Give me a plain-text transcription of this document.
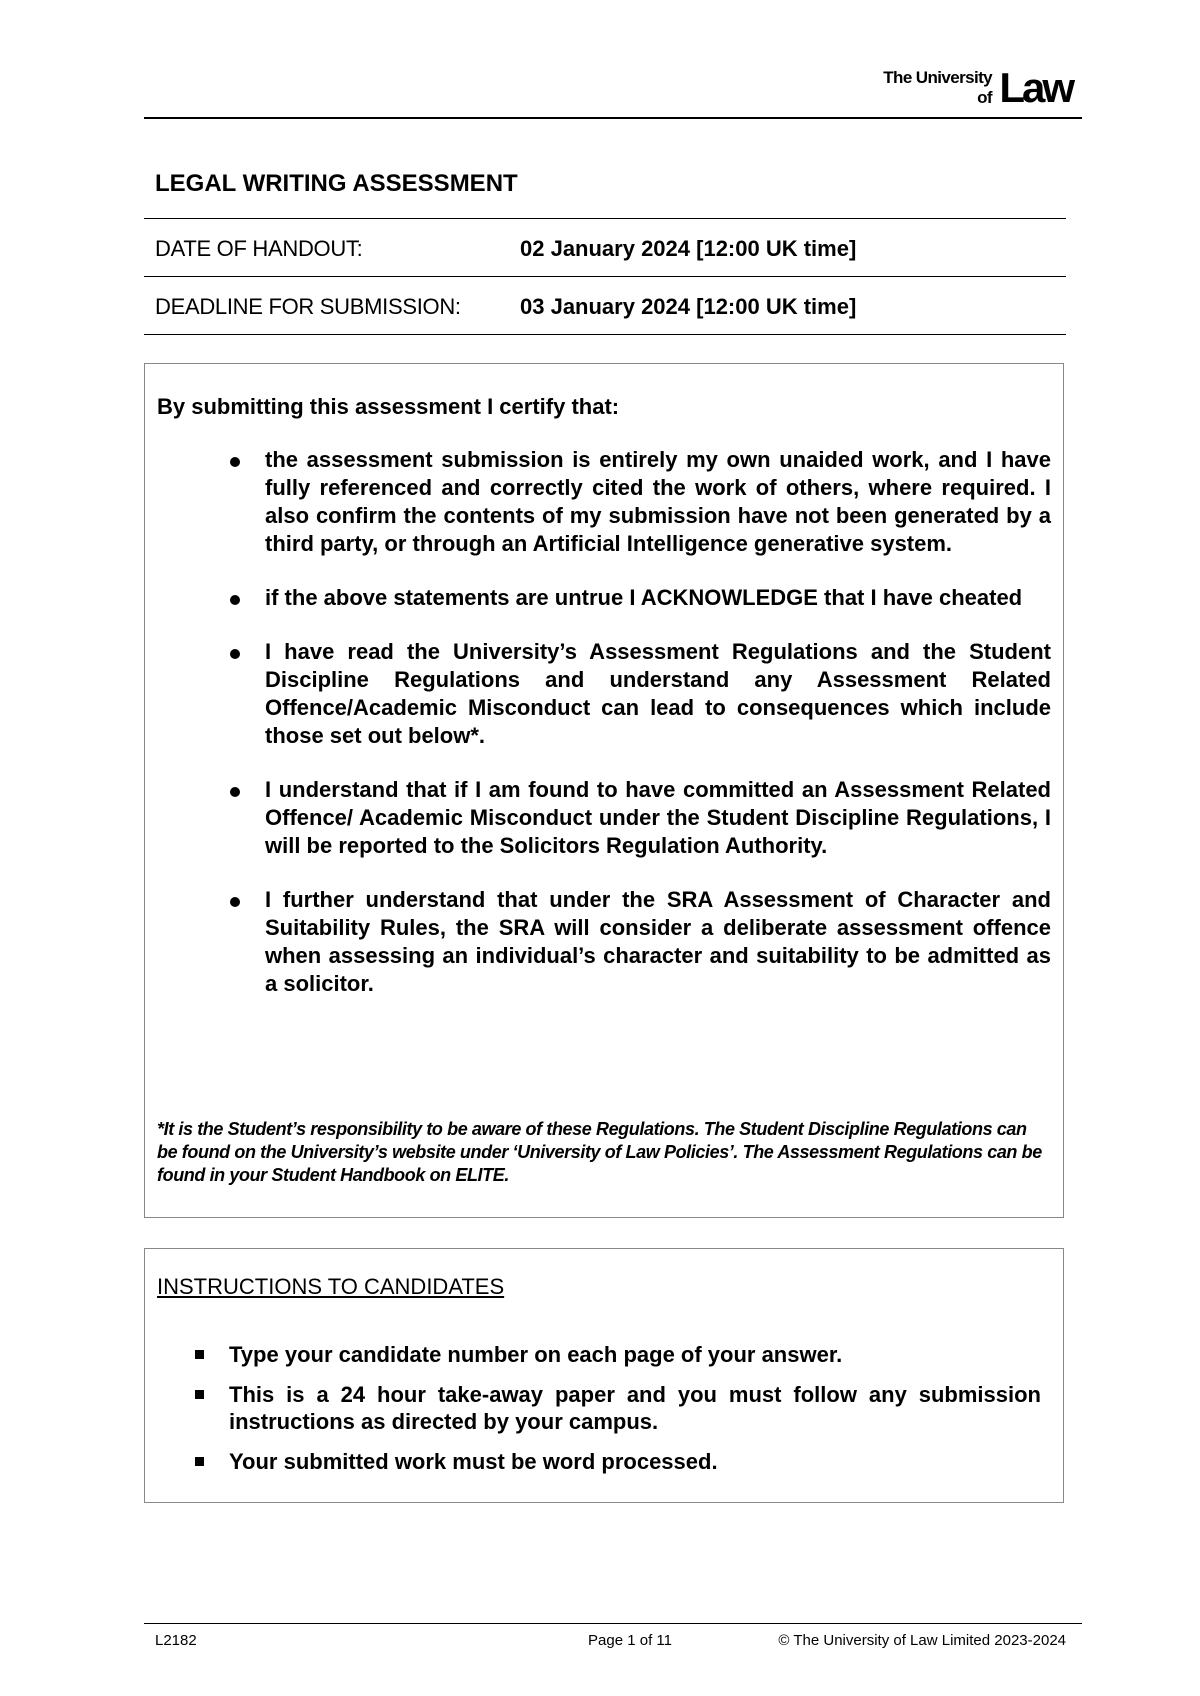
The University
of Law
LEGAL WRITING ASSESSMENT
DATE OF HANDOUT:	02 January 2024 [12:00 UK time]
DEADLINE FOR SUBMISSION:	03 January 2024 [12:00 UK time]
By submitting this assessment I certify that:
the assessment submission is entirely my own unaided work, and I have fully referenced and correctly cited the work of others, where required. I also confirm the contents of my submission have not been generated by a third party, or through an Artificial Intelligence generative system.
if the above statements are untrue I ACKNOWLEDGE that I have cheated
I have read the University’s Assessment Regulations and the Student Discipline Regulations and understand any Assessment Related Offence/Academic Misconduct can lead to consequences which include those set out below*.
I understand that if I am found to have committed an Assessment Related Offence/ Academic Misconduct under the Student Discipline Regulations, I will be reported to the Solicitors Regulation Authority.
I further understand that under the SRA Assessment of Character and Suitability Rules, the SRA will consider a deliberate assessment offence when assessing an individual’s character and suitability to be admitted as a solicitor.
*It is the Student’s responsibility to be aware of these Regulations. The Student Discipline Regulations can be found on the University’s website under ‘University of Law Policies’. The Assessment Regulations can be found in your Student Handbook on ELITE.
INSTRUCTIONS TO CANDIDATES
Type your candidate number on each page of your answer.
This is a 24 hour take-away paper and you must follow any submission instructions as directed by your campus.
Your submitted work must be word processed.
L2182	Page 1 of 11	© The University of Law Limited 2023-2024
